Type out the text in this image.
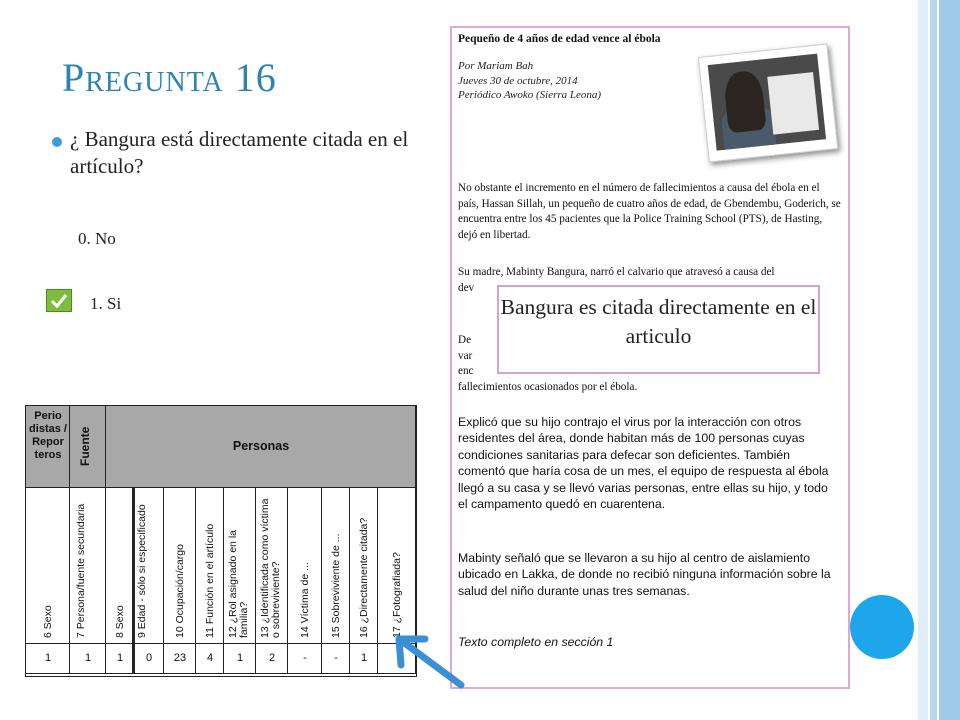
Pregunta 16
¿ Bangura está directamente citada en el artículo?
0. No
1. Si
Pequeño de 4 años de edad vence al ébola
Por Mariam Bah
Jueves 30 de octubre, 2014
Periódico Awoko (Sierra Leona)
No obstante el incremento en el número de fallecimientos a causa del ébola en el país, Hassan Sillah, un pequeño de cuatro años de edad, de Gbendembu, Goderich, se encuentra entre los 45 pacientes que la Police Training School (PTS), de Hasting, dejó en libertad.
Su madre, Mabinty Bangura, narró el calvario que atravesó a causa del
dev
De
var
enc
fallecimientos ocasionados por el ébola.
Explicó que su hijo contrajo el virus por la interacción con otros residentes del área, donde habitan más de 100 personas cuyas condiciones sanitarias para defecar son deficientes. También comentó que haría cosa de un mes, el equipo de respuesta al ébola llegó a su casa y se llevó varias personas, entre ellas su hijo, y todo el campamento quedó en cuarentena.
Mabinty señaló que se llevaron a su hijo al centro de aislamiento ubicado en Lakka, de donde no recibió ninguna información sobre la salud del niño durante unas tres semanas.
Texto completo en sección 1
Bangura es citada directamente en el articulo
Perio distas / Repor teros	Fuente	Personas
6 Sexo
1
7 Persona/fuente secundaria
1
8 Sexo
1
9 Edad - sólo si especificado
0
10 Ocupación/cargo
23
11 Función en el artículo
4
12 ¿Rol asignado en la familia?
1
13 ¿Identificada como víctima o sobreviviente?
2
14 Víctima de ...
-
15 Sobreviviente de ...
-
16 ¿Directamente citada?
1
17 ¿Fotografiada?
